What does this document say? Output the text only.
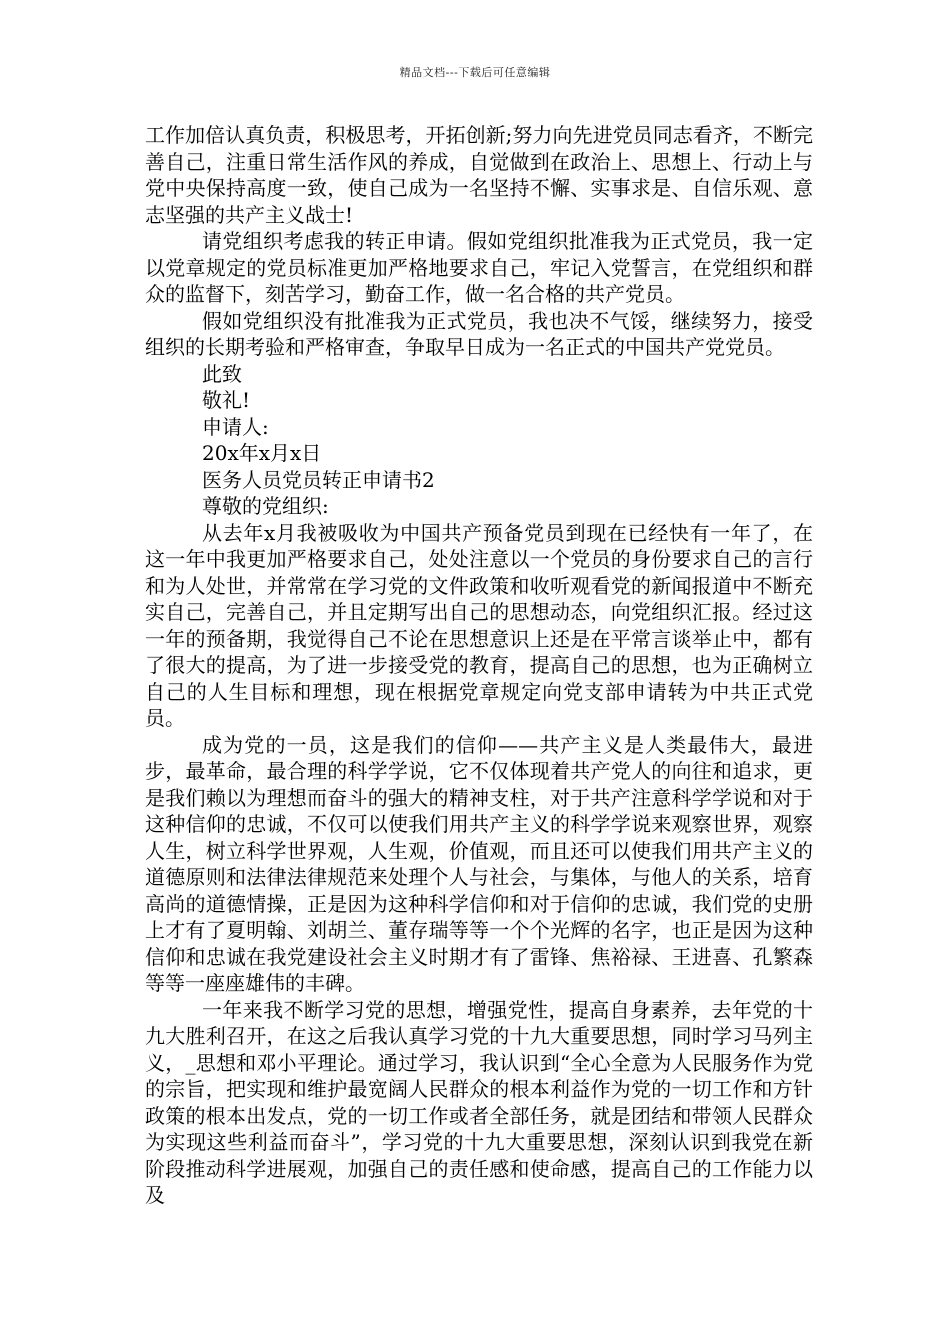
精品文档---下载后可任意编辑

工作加倍认真负责，积极思考，开拓创新;努力向先进党员同志看齐，不断完善自己，注重日常生活作风的养成，自觉做到在政治上、思想上、行动上与党中央保持高度一致，使自己成为一名坚持不懈、实事求是、自信乐观、意志坚强的共产主义战士!

请党组织考虑我的转正申请。假如党组织批准我为正式党员，我一定以党章规定的党员标准更加严格地要求自己，牢记入党誓言，在党组织和群众的监督下，刻苦学习，勤奋工作，做一名合格的共产党员。

假如党组织没有批准我为正式党员，我也决不气馁，继续努力，接受组织的长期考验和严格审查，争取早日成为一名正式的中国共产党党员。

此致

敬礼!

申请人:

20x年x月x日

医务人员党员转正申请书2

尊敬的党组织:

从去年x月我被吸收为中国共产预备党员到现在已经快有一年了，在这一年中我更加严格要求自己，处处注意以一个党员的身份要求自己的言行和为人处世，并常常在学习党的文件政策和收听观看党的新闻报道中不断充实自己，完善自己，并且定期写出自己的思想动态，向党组织汇报。经过这一年的预备期，我觉得自己不论在思想意识上还是在平常言谈举止中，都有了很大的提高，为了进一步接受党的教育，提高自己的思想，也为正确树立自己的人生目标和理想，现在根据党章规定向党支部申请转为中共正式党员。

成为党的一员，这是我们的信仰——共产主义是人类最伟大，最进步，最革命，最合理的科学学说，它不仅体现着共产党人的向往和追求，更是我们赖以为理想而奋斗的强大的精神支柱，对于共产注意科学学说和对于这种信仰的忠诚，不仅可以使我们用共产主义的科学学说来观察世界，观察人生，树立科学世界观，人生观，价值观，而且还可以使我们用共产主义的道德原则和法律法律规范来处理个人与社会，与集体，与他人的关系，培育高尚的道德情操，正是因为这种科学信仰和对于信仰的忠诚，我们党的史册上才有了夏明翰、刘胡兰、董存瑞等等一个个光辉的名字，也正是因为这种信仰和忠诚在我党建设社会主义时期才有了雷锋、焦裕禄、王进喜、孔繁森等等一座座雄伟的丰碑。

一年来我不断学习党的思想，增强党性，提高自身素养，去年党的十九大胜利召开，在这之后我认真学习党的十九大重要思想，同时学习马列主义，_思想和邓小平理论。通过学习，我认识到“全心全意为人民服务作为党的宗旨，把实现和维护最宽阔人民群众的根本利益作为党的一切工作和方针政策的根本出发点，党的一切工作或者全部任务，就是团结和带领人民群众为实现这些利益而奋斗”，学习党的十九大重要思想，深刻认识到我党在新阶段推动科学进展观，加强自己的责任感和使命感，提高自己的工作能力以及
